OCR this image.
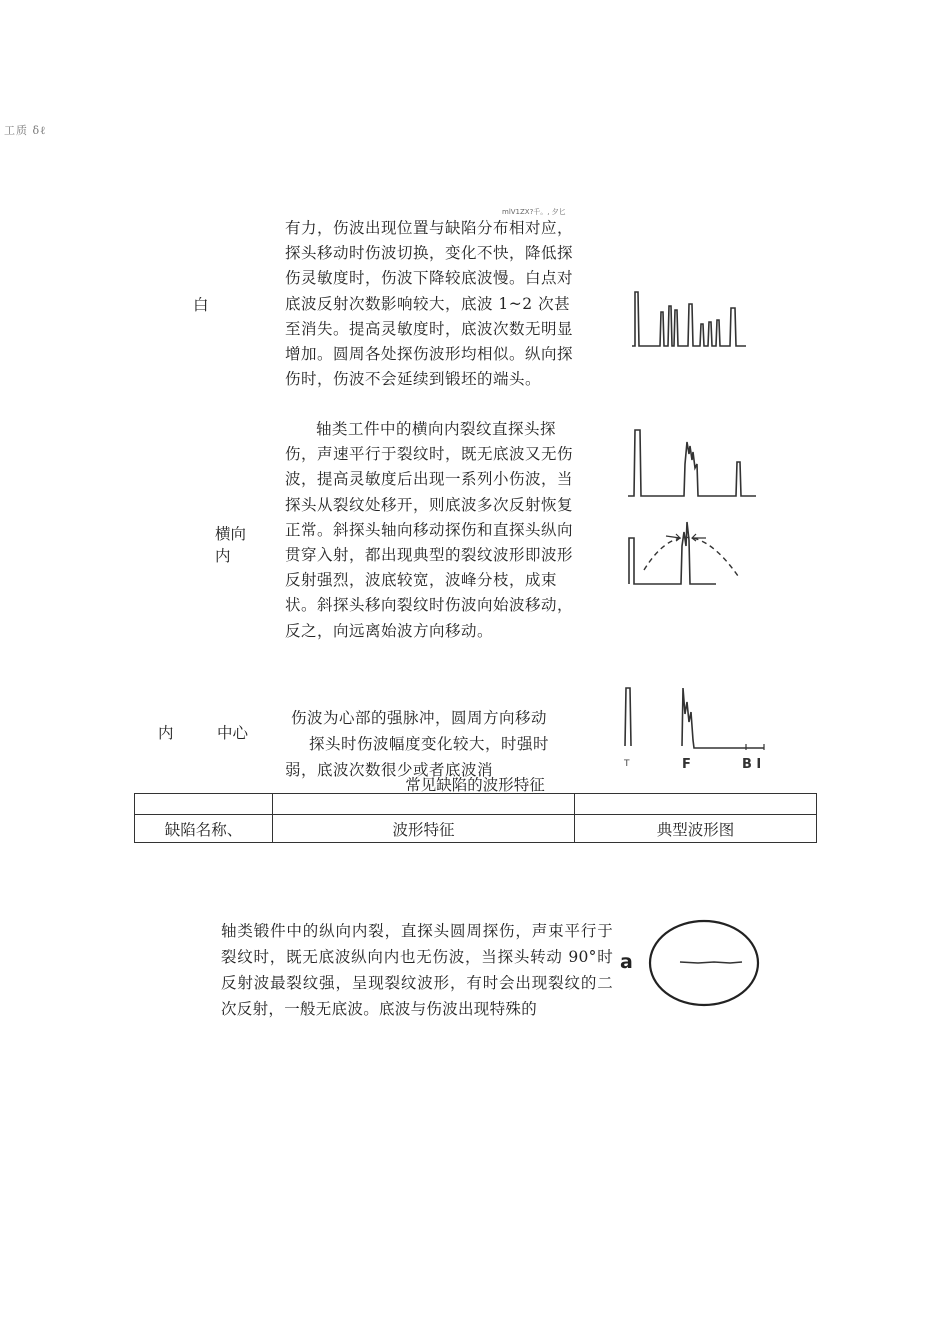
工质 δℓ
mlV1ZX?千。, 夕匕
白
有力，伤波出现位置与缺陷分布相对应，探头移动时伤波切换，变化不快，降低探伤灵敏度时，伤波下降较底波慢。白点对底波反射次数影响较大，底波 1~2 次甚至消失。提高灵敏度时，底波次数无明显增加。圆周各处探伤波形均相似。纵向探伤时，伤波不会延续到锻坯的端头。
横向内
轴类工件中的横向内裂纹直探头探伤，声速平行于裂纹时，既无底波又无伤波，提高灵敏度后出现一系列小伤波，当探头从裂纹处移开，则底波多次反射恢复正常。斜探头轴向移动探伤和直探头纵向贯穿入射，都出现典型的裂纹波形即波形反射强烈，波底较宽，波峰分枝，成束状。斜探头移向裂纹时伤波向始波移动，反之，向远离始波方向移动。
内	中心
伤波为心部的强脉冲，圆周方向移动
探头时伤波幅度变化较大，时强时
弱，底波次数很少或者底波消	T	F	B I
常见缺陷的波形特征

缺陷名称、	波形特征	典型波形图
轴类锻件中的纵向内裂，直探头圆周探伤，声束平行于裂纹时，既无底波纵向内也无伤波，当探头转动 90°时反射波最裂纹强，呈现裂纹波形，有时会出现裂纹的二次反射，一般无底波。底波与伤波出现特殊的
a
